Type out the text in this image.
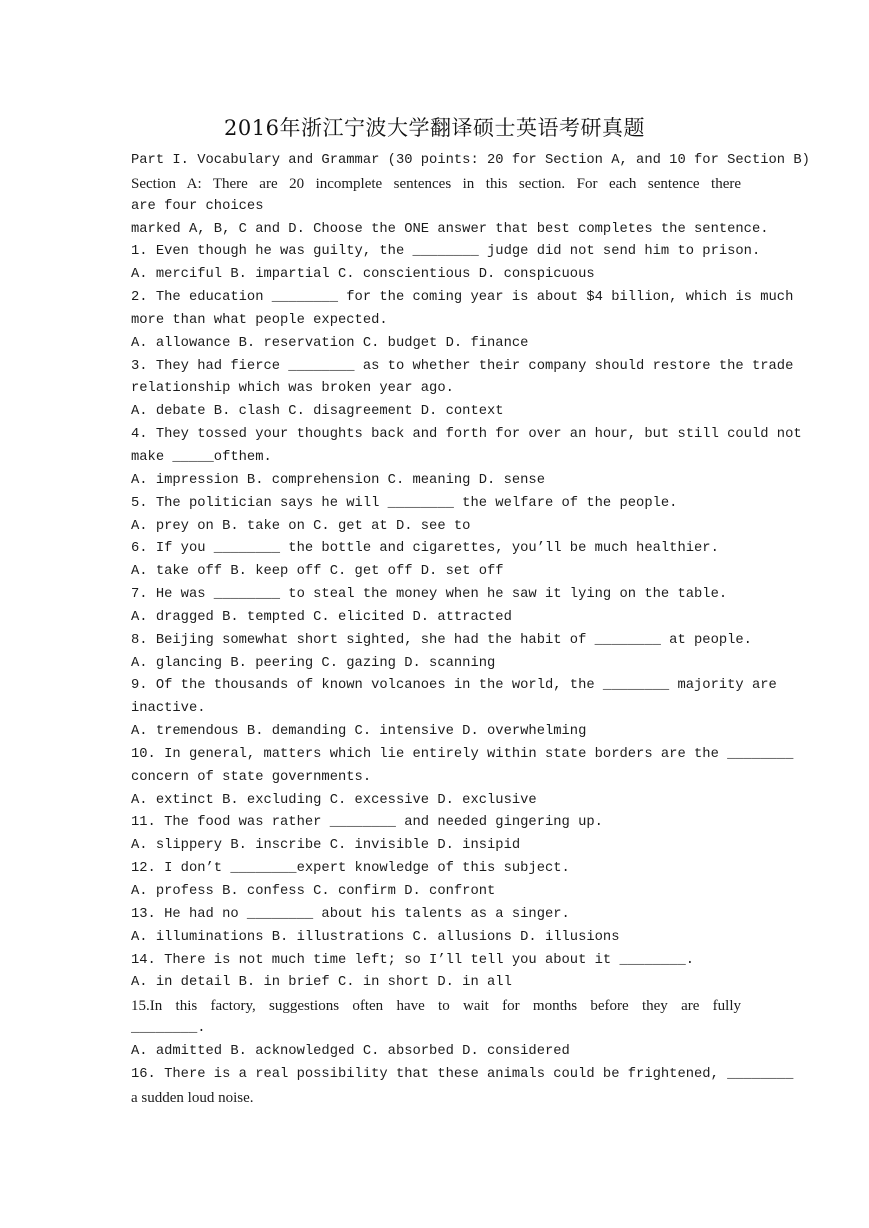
2016年浙江宁波大学翻译硕士英语考研真题
Part I. Vocabulary and Grammar (30 points: 20 for Section A, and 10 for Section B)
Section A: There are 20 incomplete sentences in this section. For each sentence there
are four choices
marked A, B, C and D. Choose the ONE answer that best completes the sentence.
1. Even though he was guilty, the ________ judge did not send him to prison.
A. merciful B. impartial C. conscientious D. conspicuous
2. The education ________ for the coming year is about $4 billion, which is much
more than what people expected.
A. allowance B. reservation C. budget D. finance
3. They had fierce ________ as to whether their company should restore the trade
relationship which was broken year ago.
A. debate B. clash C. disagreement D. context
4. They tossed your thoughts back and forth for over an hour, but still could not
make _____ofthem.
A. impression B. comprehension C. meaning D. sense
5. The politician says he will ________ the welfare of the people.
A. prey on B. take on C. get at D. see to
6. If you ________ the bottle and cigarettes, you’ll be much healthier.
A. take off B. keep off C. get off D. set off
7. He was ________ to steal the money when he saw it lying on the table.
A. dragged B. tempted C. elicited D. attracted
8. Beijing somewhat short sighted, she had the habit of ________ at people.
A. glancing B. peering C. gazing D. scanning
9. Of the thousands of known volcanoes in the world, the ________ majority are
inactive.
A. tremendous B. demanding C. intensive D. overwhelming
10. In general, matters which lie entirely within state borders are the ________
concern of state governments.
A. extinct B. excluding C. excessive D. exclusive
11. The food was rather ________ and needed gingering up.
A. slippery B. inscribe C. invisible D. insipid
12. I don’t ________expert knowledge of this subject.
A. profess B. confess C. confirm D. confront
13. He had no ________ about his talents as a singer.
A. illuminations B. illustrations C. allusions D. illusions
14. There is not much time left; so I’ll tell you about it ________.
A. in detail B. in brief C. in short D. in all
15.In this factory, suggestions often have to wait for months before they are fully
________.
A. admitted B. acknowledged C. absorbed D. considered
16. There is a real possibility that these animals could be frightened, ________
a sudden loud noise.
